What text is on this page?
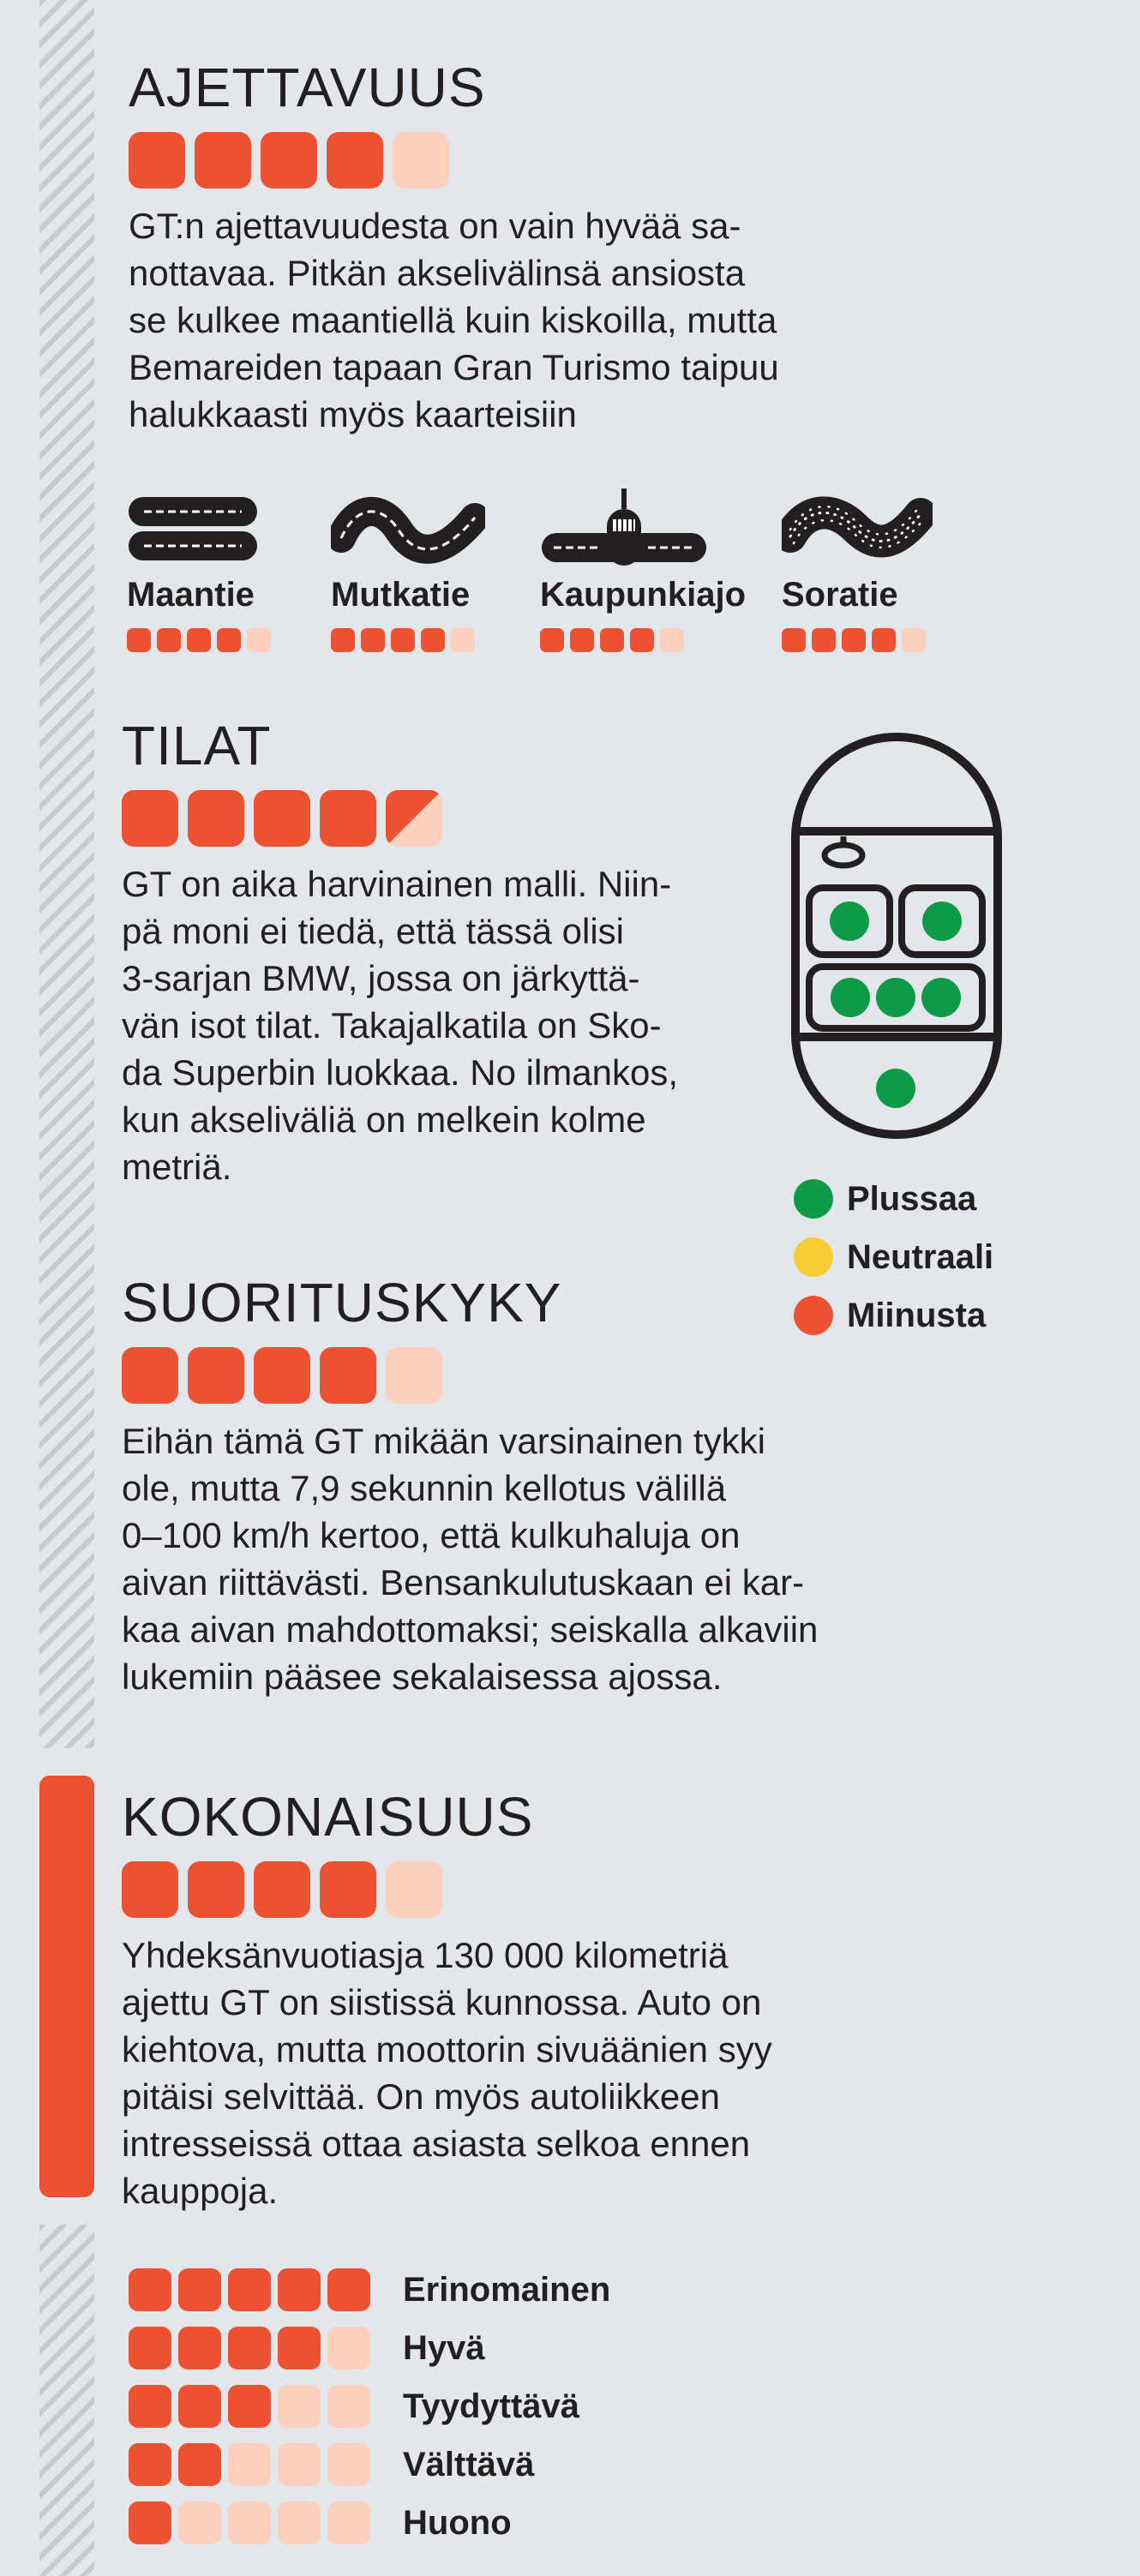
AJETTAVUUS

GT:n ajettavuudesta on vain hyvää sa-
nottavaa. Pitkän akselivälinsä ansiosta
se kulkee maantiellä kuin kiskoilla, mutta
Bemareiden tapaan Gran Turismo taipuu
halukkaasti myös kaarteisiin

Maantie	Mutkatie	Kaupunkiajo Soratie
TILAT

GT on aika harvinainen malli. Niin-
pä moni ei tiedä, että tässä olisi
3-sarjan BMW, jossa on järkyttä-
vän isot tilat. Takajalkatila on Sko-
da Superbin luokkaa. No ilmankos,
kun akseliväliä on melkein kolme
metriä.

Plussaa
Neutraali
Miinusta
SUORITUSKYKY

Eihän tämä GT mikään varsinainen tykki
ole, mutta 7,9 sekunnin kellotus välillä
0–100 km/h kertoo, että kulkuhaluja on
aivan riittävästi. Bensankulutuskaan ei kar-
kaa aivan mahdottomaksi; seiskalla alkaviin
lukemiin pääsee sekalaisessa ajossa.

KOKONAISUUS

Yhdeksänvuotiasja 130 000 kilometriä
ajettu GT on siistissä kunnossa. Auto on
kiehtova, mutta moottorin sivuäänien syy
pitäisi selvittää. On myös autoliikkeen
intresseissä ottaa asiasta selkoa ennen
kauppoja.

Erinomainen
Hyvä
Tyydyttävä
Välttävä
Huono
